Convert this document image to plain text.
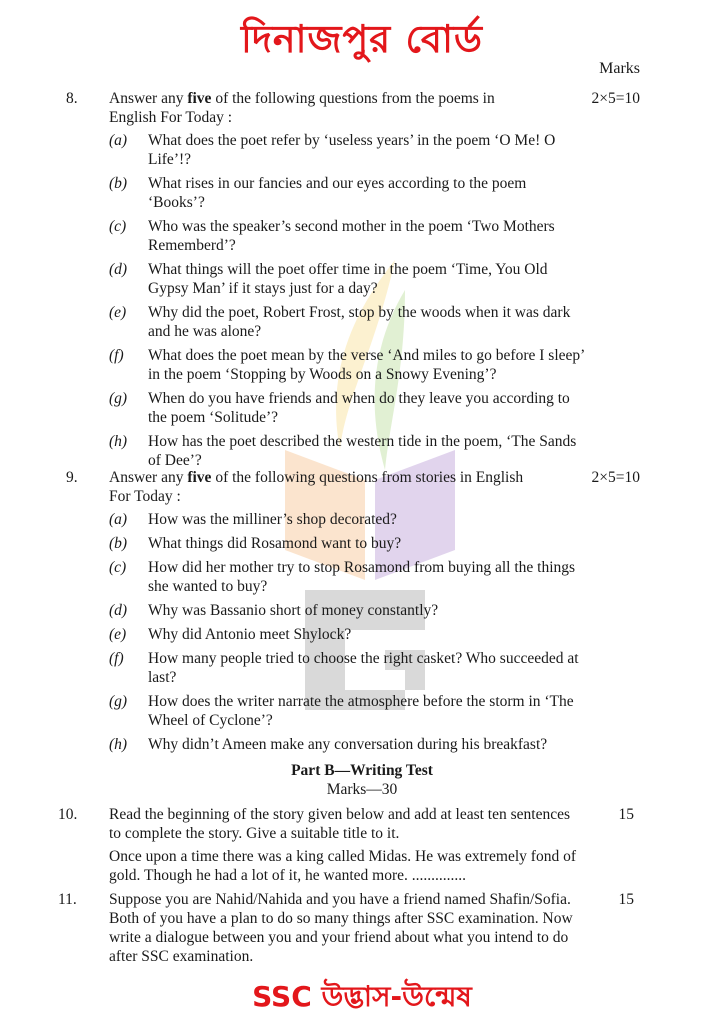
দিনাজপুর বোর্ড
Marks
8. Answer any five of the following questions from the poems in English For Today :
2×5=10
(a) What does the poet refer by ‘useless years’ in the poem ‘O Me! O Life’!?
(b) What rises in our fancies and our eyes according to the poem ‘Books’?
(c) Who was the speaker’s second mother in the poem ‘Two Mothers Rememberd’?
(d) What things will the poet offer time in the poem ‘Time, You Old Gypsy Man’ if it stays just for a day?
(e) Why did the poet, Robert Frost, stop by the woods when it was dark and he was alone?
(f) What does the poet mean by the verse ‘And miles to go before I sleep’ in the poem ‘Stopping by Woods on a Snowy Evening’?
(g) When do you have friends and when do they leave you according to the poem ‘Solitude’?
(h) How has the poet described the western tide in the poem, ‘The Sands of Dee’?
9. Answer any five of the following questions from stories in English For Today :
2×5=10
(a) How was the milliner’s shop decorated?
(b) What things did Rosamond want to buy?
(c) How did her mother try to stop Rosamond from buying all the things she wanted to buy?
(d) Why was Bassanio short of money constantly?
(e) Why did Antonio meet Shylock?
(f) How many people tried to choose the right casket? Who succeeded at last?
(g) How does the writer narrate the atmosphere before the storm in ‘The Wheel of Cyclone’?
(h) Why didn’t Ameen make any conversation during his breakfast?
Part B—Writing Test
Marks—30
10. Read the beginning of the story given below and add at least ten sentences to complete the story. Give a suitable title to it.
15
Once upon a time there was a king called Midas. He was extremely fond of gold. Though he had a lot of it, he wanted more. ..............
11. Suppose you are Nahid/Nahida and you have a friend named Shafin/Sofia. Both of you have a plan to do so many things after SSC examination. Now write a dialogue between you and your friend about what you intend to do after SSC examination.
15
SSC উদ্ভাস-উন্মেষ
